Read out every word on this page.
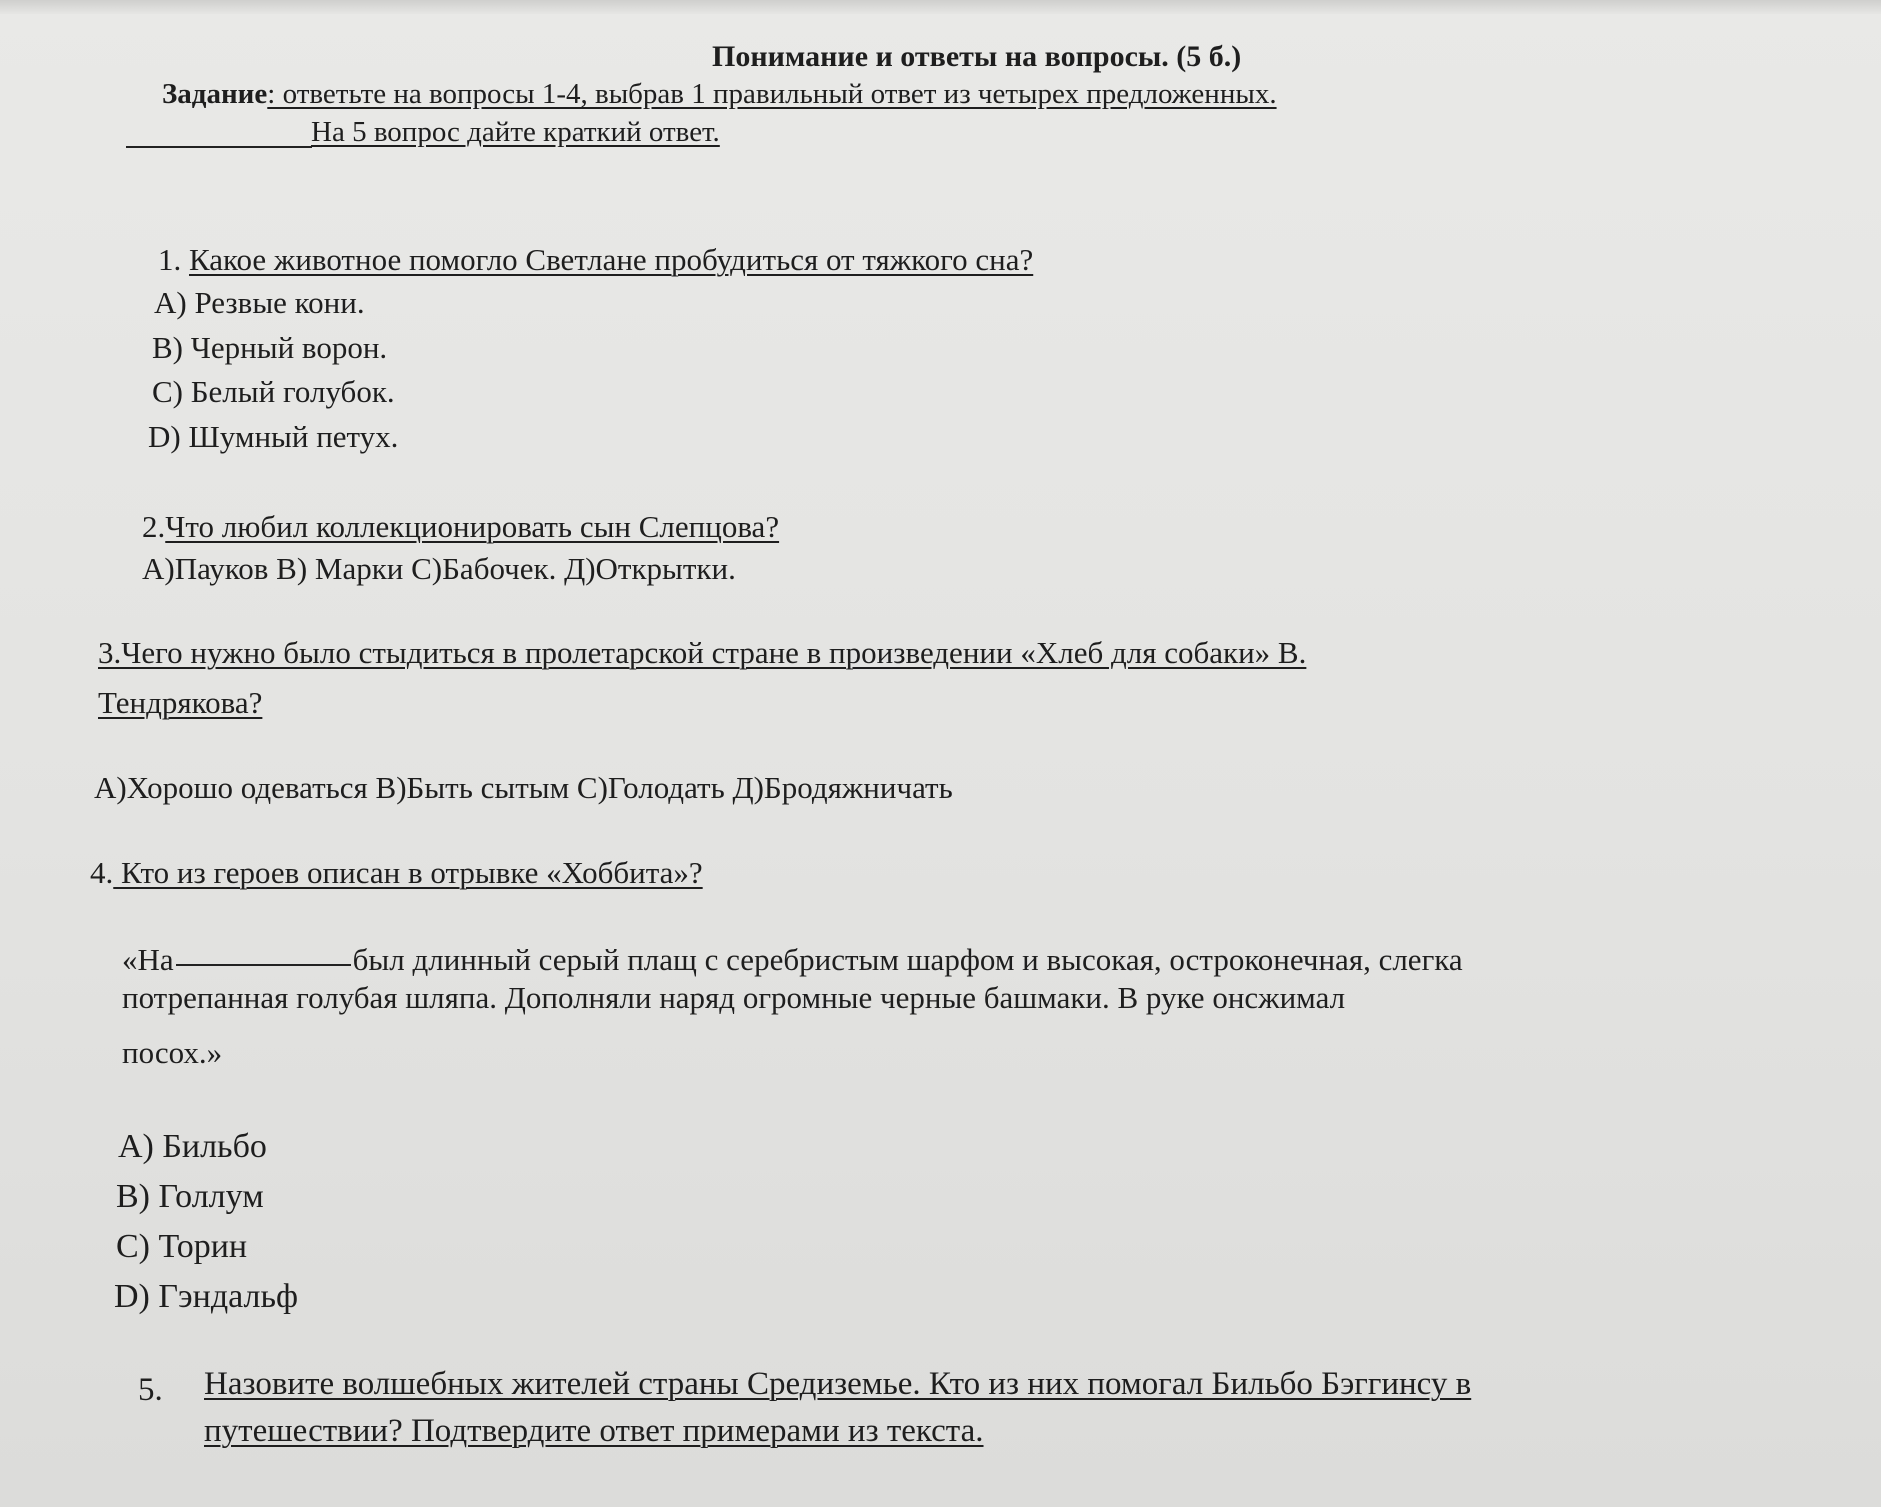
Понимание и ответы на вопросы. (5 б.)
Задание: ответьте на вопросы 1-4, выбрав 1 правильный ответ из четырех предложенных.
На 5 вопрос дайте краткий ответ.
1. Какое животное помогло Светлане пробудиться от тяжкого сна?
А) Резвые кони.
В) Черный ворон.
С) Белый голубок.
D) Шумный петух.
2.Что любил коллекционировать сын Слепцова?
А)Пауков В) Марки С)Бабочек. Д)Открытки.
3.Чего нужно было стыдиться в пролетарской стране в произведении «Хлеб для собаки» В.
Тендрякова?
А)Хорошо одеваться В)Быть сытым С)Голодать Д)Бродяжничать
4. Кто из героев описан в отрывке «Хоббита»?
«На	был длинный серый плащ с серебристым шарфом и высокая, остроконечная, слегка
потрепанная голубая шляпа. Дополняли наряд огромные черные башмаки. В руке онсжимал
посох.»
А) Бильбо
В) Голлум
С) Торин
D) Гэндальф
5. Назовите волшебных жителей страны Средиземье. Кто из них помогал Бильбо Бэггинсу в
путешествии? Подтвердите ответ примерами из текста.
